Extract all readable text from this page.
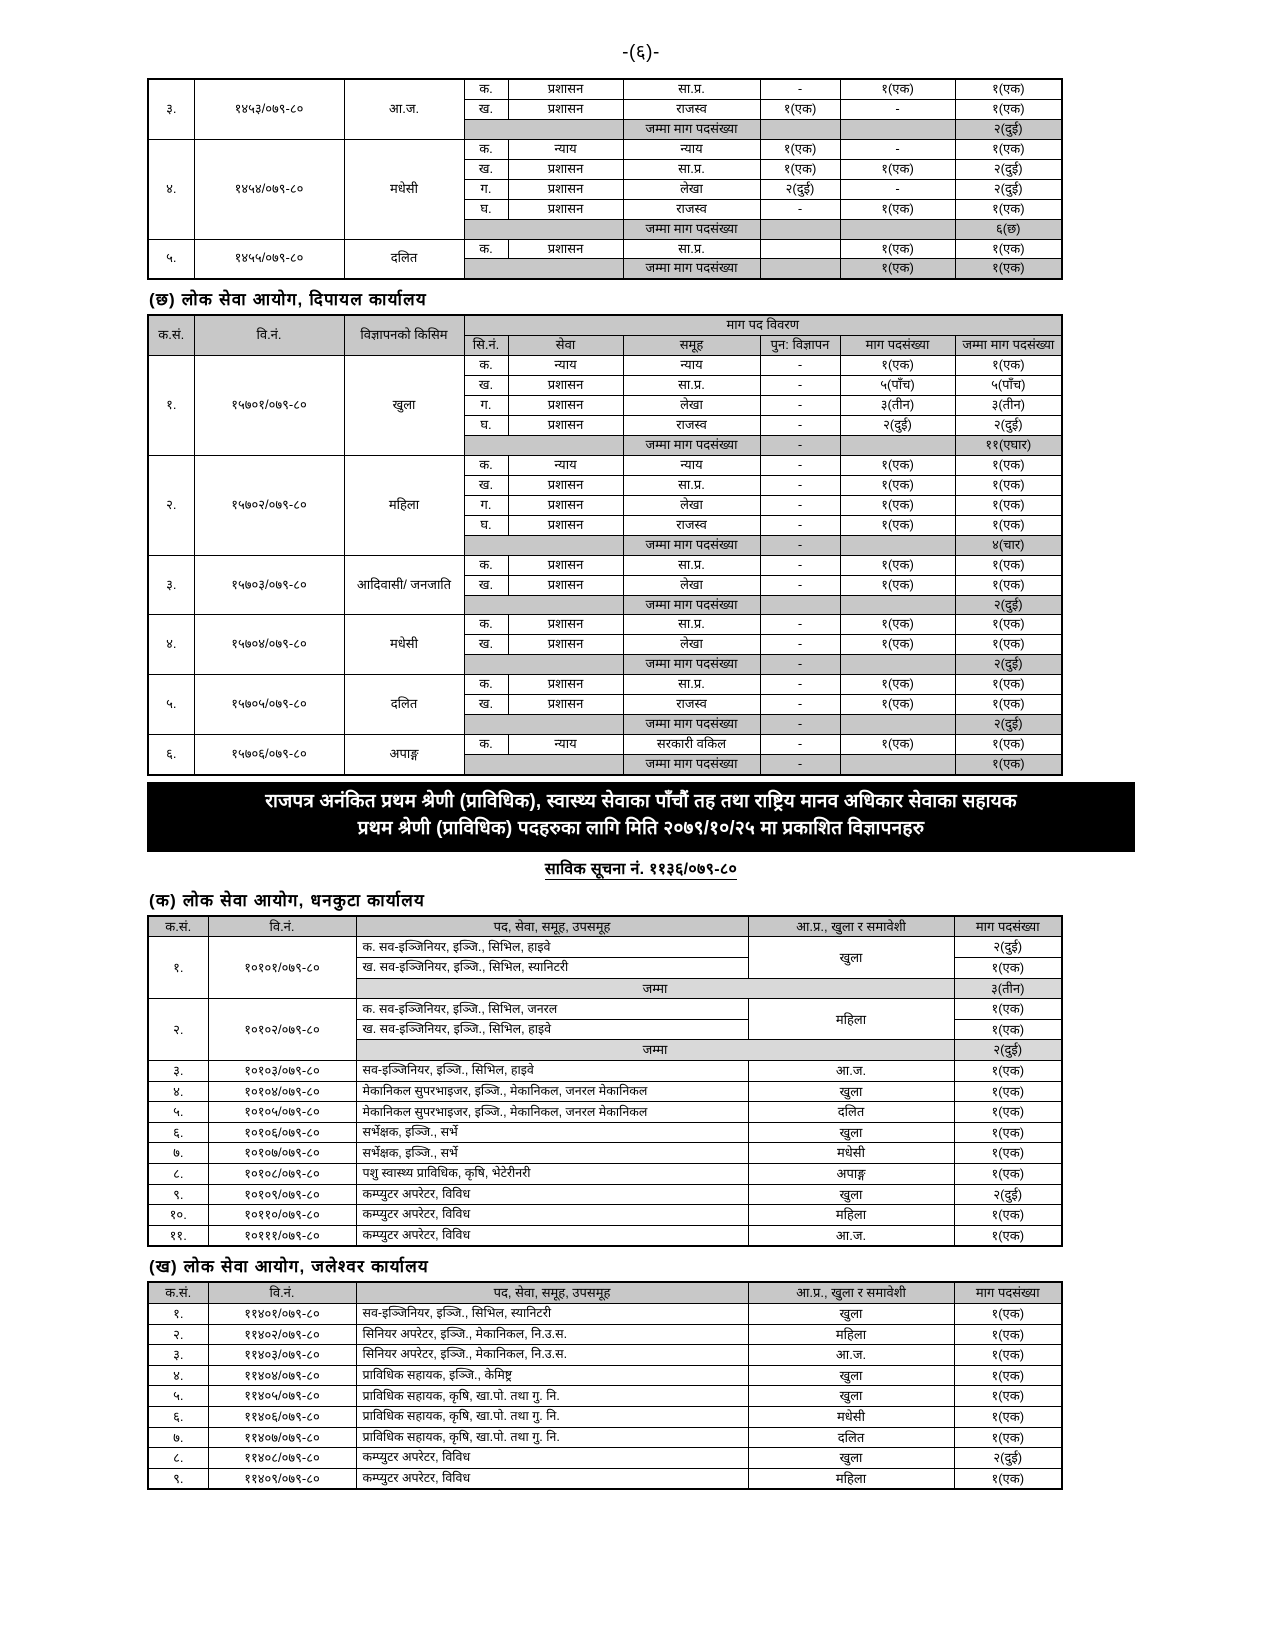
-(६)-
३.	१४५३/०७९-८०	आ.ज.	क.	प्रशासन	सा.प्र.	-	१(एक)	१(एक)
			ख.	प्रशासन	राजस्व	१(एक)	-	१(एक)
					जम्मा माग पदसंख्या			२(दुई)
४.	१४५४/०७९-८०	मधेसी	क.	न्याय	न्याय	१(एक)	-	१(एक)
			ख.	प्रशासन	सा.प्र.	१(एक)	१(एक)	२(दुई)
			ग.	प्रशासन	लेखा	२(दुई)	-	२(दुई)
			घ.	प्रशासन	राजस्व	-	१(एक)	१(एक)
					जम्मा माग पदसंख्या			६(छ)
५.	१४५५/०७९-८०	दलित	क.	प्रशासन	सा.प्र.		१(एक)	१(एक)
					जम्मा माग पदसंख्या		१(एक)	१(एक)
(छ) लोक सेवा आयोग, दिपायल कार्यालय
क.सं.	वि.नं.	विज्ञापनको किसिम	माग पद विवरण					
			सि.नं.	सेवा	समूह	पुन: विज्ञापन	माग पदसंख्या	जम्मा माग पदसंख्या
१.	१५७०१/०७९-८०	खुला	क.	न्याय	न्याय	-	१(एक)	१(एक)
			ख.	प्रशासन	सा.प्र.	-	५(पाँच)	५(पाँच)
			ग.	प्रशासन	लेखा	-	३(तीन)	३(तीन)
			घ.	प्रशासन	राजस्व	-	२(दुई)	२(दुई)
					जम्मा माग पदसंख्या	-		११(एघार)
२.	१५७०२/०७९-८०	महिला	क.	न्याय	न्याय	-	१(एक)	१(एक)
			ख.	प्रशासन	सा.प्र.	-	१(एक)	१(एक)
			ग.	प्रशासन	लेखा	-	१(एक)	१(एक)
			घ.	प्रशासन	राजस्व	-	१(एक)	१(एक)
					जम्मा माग पदसंख्या	-		४(चार)
३.	१५७०३/०७९-८०	आदिवासी/ जनजाति	क.	प्रशासन	सा.प्र.	-	१(एक)	१(एक)
			ख.	प्रशासन	लेखा	-	१(एक)	१(एक)
					जम्मा माग पदसंख्या			२(दुई)
४.	१५७०४/०७९-८०	मधेसी	क.	प्रशासन	सा.प्र.	-	१(एक)	१(एक)
			ख.	प्रशासन	लेखा	-	१(एक)	१(एक)
					जम्मा माग पदसंख्या	-		२(दुई)
५.	१५७०५/०७९-८०	दलित	क.	प्रशासन	सा.प्र.	-	१(एक)	१(एक)
			ख.	प्रशासन	राजस्व	-	१(एक)	१(एक)
					जम्मा माग पदसंख्या	-		२(दुई)
६.	१५७०६/०७९-८०	अपाङ्ग	क.	न्याय	सरकारी वकिल	-	१(एक)	१(एक)
					जम्मा माग पदसंख्या	-		१(एक)
राजपत्र अनंकित प्रथम श्रेणी (प्राविधिक), स्वास्थ्य सेवाका पाँचौं तह तथा राष्ट्रिय मानव अधिकार सेवाका सहायक
प्रथम श्रेणी (प्राविधिक) पदहरुका लागि मिति २०७९/१०/२५ मा प्रकाशित विज्ञापनहरु
सावि‍क सूचना नं. ११३६/०७९-८०
(क) लोक सेवा आयोग, धनकुटा कार्यालय
क.सं.	वि.नं.	पद, सेवा, समूह, उपसमूह	आ.प्र., खुला र समावेशी	माग पदसंख्या
१.	१०१०१/०७९-८०	क. सव-इञ्जिनियर, इञ्जि., सिभिल, हाइवे	खुला	२(दुई)
		ख. सव-इञ्जिनियर, इञ्जि., सिभिल, स्यानिटरी		१(एक)
		जम्मा		३(तीन)
२.	१०१०२/०७९-८०	क. सव-इञ्जिनियर, इञ्जि., सिभिल, जनरल	महिला	१(एक)
		ख. सव-इञ्जिनियर, इञ्जि., सिभिल, हाइवे		१(एक)
		जम्मा		२(दुई)
३.	१०१०३/०७९-८०	सव-इञ्जिनियर, इञ्जि., सिभिल, हाइवे	आ.ज.	१(एक)
४.	१०१०४/०७९-८०	मेकानिकल सुपरभाइजर, इञ्जि., मेकानिकल, जनरल मेकानिकल	खुला	१(एक)
५.	१०१०५/०७९-८०	मेकानिकल सुपरभाइजर, इञ्जि., मेकानिकल, जनरल मेकानिकल	दलित	१(एक)
६.	१०१०६/०७९-८०	सर्भेक्षक, इञ्जि., सर्भे	खुला	१(एक)
७.	१०१०७/०७९-८०	सर्भेक्षक, इञ्जि., सर्भे	मधेसी	१(एक)
८.	१०१०८/०७९-८०	पशु स्वास्थ्य प्राविधिक, कृषि, भेटेरीनरी	अपाङ्ग	१(एक)
९.	१०१०९/०७९-८०	कम्प्युटर अपरेटर, विविध	खुला	२(दुई)
१०.	१०११०/०७९-८०	कम्प्युटर अपरेटर, विविध	महिला	१(एक)
११.	१०१११/०७९-८०	कम्प्युटर अपरेटर, विविध	आ.ज.	१(एक)
(ख) लोक सेवा आयोग, जलेश्वर कार्यालय
क.सं.	वि.नं.	पद, सेवा, समूह, उपसमूह	आ.प्र., खुला र समावेशी	माग पदसंख्या
१.	११४०१/०७९-८०	सव-इञ्जिनियर, इञ्जि., सिभिल, स्यानिटरी	खुला	१(एक)
२.	११४०२/०७९-८०	सिनियर अपरेटर, इञ्जि., मेकानिकल, नि.उ.स.	महिला	१(एक)
३.	११४०३/०७९-८०	सिनियर अपरेटर, इञ्जि., मेकानिकल, नि.उ.स.	आ.ज.	१(एक)
४.	११४०४/०७९-८०	प्राविधिक सहायक, इञ्जि., केमिष्ट्र	खुला	१(एक)
५.	११४०५/०७९-८०	प्राविधिक सहायक, कृषि, खा.पो. तथा गु. नि.	खुला	१(एक)
६.	११४०६/०७९-८०	प्राविधिक सहायक, कृषि, खा.पो. तथा गु. नि.	मधेसी	१(एक)
७.	११४०७/०७९-८०	प्राविधिक सहायक, कृषि, खा.पो. तथा गु. नि.	दलित	१(एक)
८.	११४०८/०७९-८०	कम्प्युटर अपरेटर, विविध	खुला	२(दुई)
९.	११४०९/०७९-८०	कम्प्युटर अपरेटर, विविध	महिला	१(एक)
